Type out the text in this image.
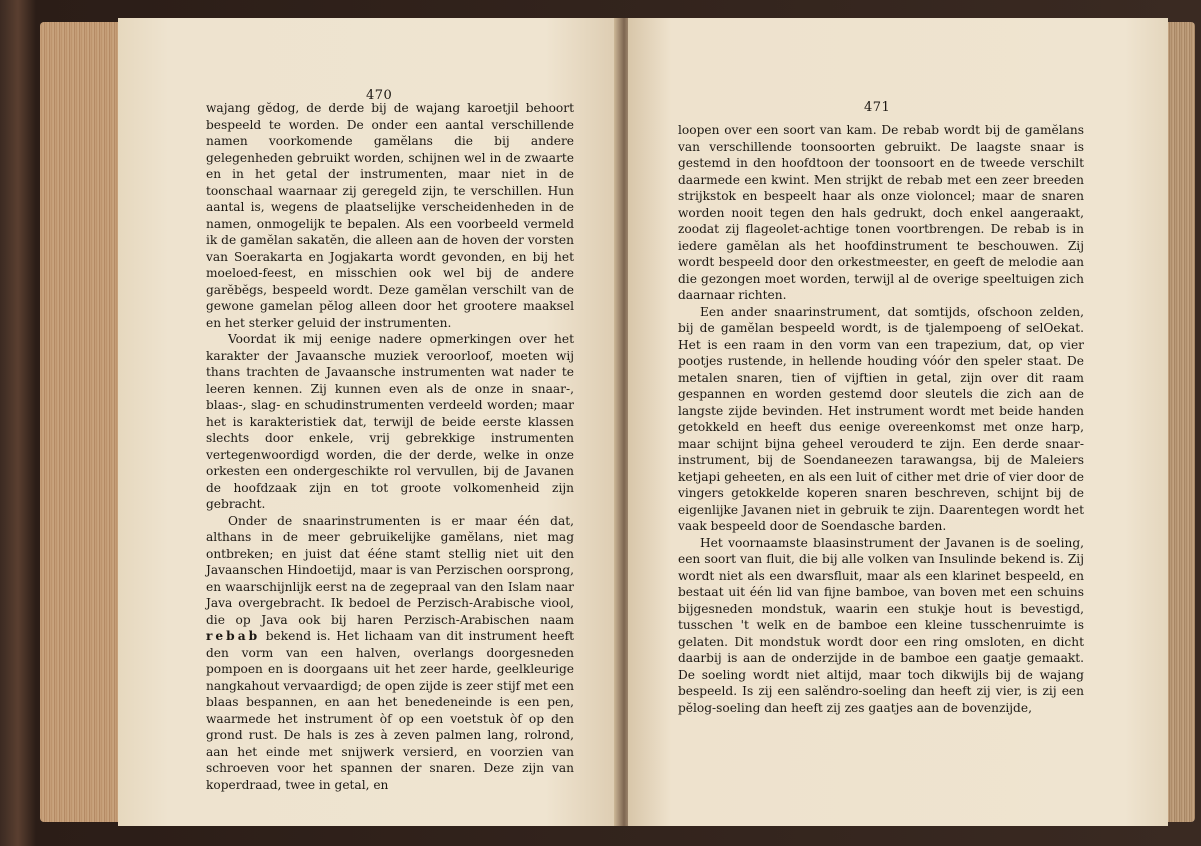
470

wajang gĕdog, de derde bij de wajang karoetjil behoort bespeeld te worden. De onder een aantal verschillende namen voorkomende gamĕlans die bij andere gelegenheden gebruikt worden, schijnen wel in de zwaarte en in het getal der instrumenten, maar niet in de toonschaal waarnaar zij geregeld zijn, te verschillen. Hun aantal is, wegens de plaatselijke verscheidenheden in de namen, onmogelijk te bepalen. Als een voorbeeld vermeld ik de gamĕlan sakatĕn, die alleen aan de hoven der vorsten van Soerakarta en Jogjakarta wordt gevonden, en bij het moeloed-feest, en misschien ook wel bij de andere garĕbĕgs, bespeeld wordt. Deze gamĕlan verschilt van de gewone gamelan pĕlog alleen door het grootere maaksel en het sterker geluid der instrumenten.

Voordat ik mij eenige nadere opmerkingen over het karakter der Javaansche muziek veroorloof, moeten wij thans trachten de Javaansche instrumenten wat nader te leeren kennen. Zij kunnen even als de onze in snaar-, blaas-, slag- en schudinstrumenten verdeeld worden; maar het is karakteristiek dat, terwijl de beide eerste klassen slechts door enkele, vrij gebrekkige instrumenten vertegenwoordigd worden, die der derde, welke in onze orkesten een ondergeschikte rol vervullen, bij de Javanen de hoofdzaak zijn en tot groote volkomenheid zijn gebracht.

Onder de snaarinstrumenten is er maar één dat, althans in de meer gebruikelijke gamĕlans, niet mag ontbreken; en juist dat ééne stamt stellig niet uit den Javaanschen Hindoetijd, maar is van Perzischen oorsprong, en waarschijnlijk eerst na de zegepraal van den Islam naar Java overgebracht. Ik bedoel de Perzisch-Arabische viool, die op Java ook bij haren Perzisch-Arabischen naam rebab bekend is. Het lichaam van dit instrument heeft den vorm van een halven, overlangs doorgesneden pompoen en is doorgaans uit het zeer harde, geelkleurige nangkahout vervaardigd; de open zijde is zeer stijf met een blaas bespannen, en aan het benedeneinde is een pen, waarmede het instrument òf op een voetstuk òf op den grond rust. De hals is zes à zeven palmen lang, rolrond, aan het einde met snijwerk versierd, en voorzien van schroeven voor het spannen der snaren. Deze zijn van koperdraad, twee in getal, en

471

loopen over een soort van kam. De rebab wordt bij de gamĕlans van verschillende toonsoorten gebruikt. De laagste snaar is gestemd in den hoofdtoon der toonsoort en de tweede verschilt daarmede een kwint. Men strijkt de rebab met een zeer breeden strijkstok en bespeelt haar als onze violoncel; maar de snaren worden nooit tegen den hals gedrukt, doch enkel aangeraakt, zoodat zij flageolet-achtige tonen voortbrengen. De rebab is in iedere gamĕlan als het hoofdinstrument te beschouwen. Zij wordt bespeeld door den orkestmeester, en geeft de melodie aan die gezongen moet worden, terwijl al de overige speeltuigen zich daarnaar richten.

Een ander snaarinstrument, dat somtijds, ofschoon zelden, bij de gamĕlan bespeeld wordt, is de tjalempoeng of selOekat. Het is een raam in den vorm van een trapezium, dat, op vier pootjes rustende, in hellende houding vóór den speler staat. De metalen snaren, tien of vijftien in getal, zijn over dit raam gespannen en worden gestemd door sleutels die zich aan de langste zijde bevinden. Het instrument wordt met beide handen getokkeld en heeft dus eenige overeenkomst met onze harp, maar schijnt bijna geheel verouderd te zijn. Een derde snaar-instrument, bij de Soendaneezen tarawangsa, bij de Maleiers ketjapi geheeten, en als een luit of cither met drie of vier door de vingers getokkelde koperen snaren beschreven, schijnt bij de eigenlijke Javanen niet in gebruik te zijn. Daarentegen wordt het vaak bespeeld door de Soendasche barden.

Het voornaamste blaasinstrument der Javanen is de soeling, een soort van fluit, die bij alle volken van Insulinde bekend is. Zij wordt niet als een dwarsfluit, maar als een klarinet bespeeld, en bestaat uit één lid van fijne bamboe, van boven met een schuins bijgesneden mondstuk, waarin een stukje hout is bevestigd, tusschen 't welk en de bamboe een kleine tusschenruimte is gelaten. Dit mondstuk wordt door een ring omsloten, en dicht daarbij is aan de onderzijde in de bamboe een gaatje gemaakt. De soeling wordt niet altijd, maar toch dikwijls bij de wajang bespeeld. Is zij een salĕndro-soeling dan heeft zij vier, is zij een pĕlog-soeling dan heeft zij zes gaatjes aan de bovenzijde,
